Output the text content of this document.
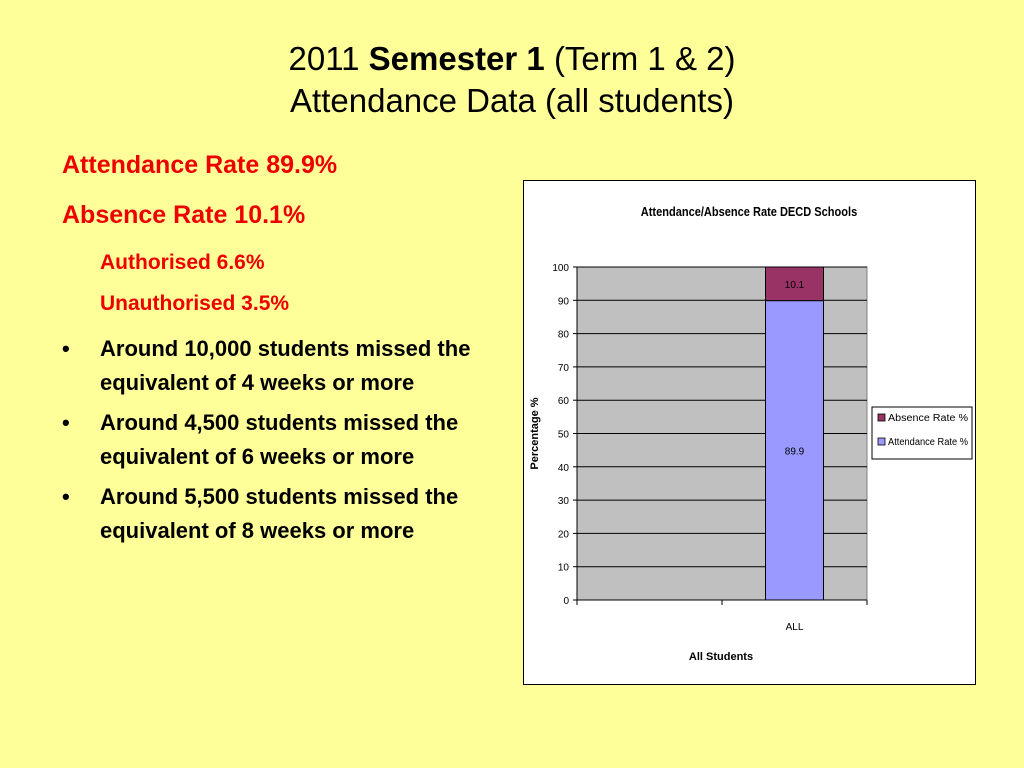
2011 Semester 1 (Term 1 & 2)
Attendance Data (all students)
Attendance Rate 89.9%
Absence Rate 10.1%
Authorised 6.6%
Unauthorised 3.5%
• Around 10,000 students missed the equivalent of 4 weeks or more
• Around 4,500 students missed the equivalent of 6 weeks or more
• Around 5,500 students missed the equivalent of 8 weeks or more
Attendance/Absence Rate DECD Schools
0
10
20
30
40
50
60
70
80
90
100
89.9
10.1
ALL
Percentage %
All Students
Absence Rate %
Attendance Rate %
